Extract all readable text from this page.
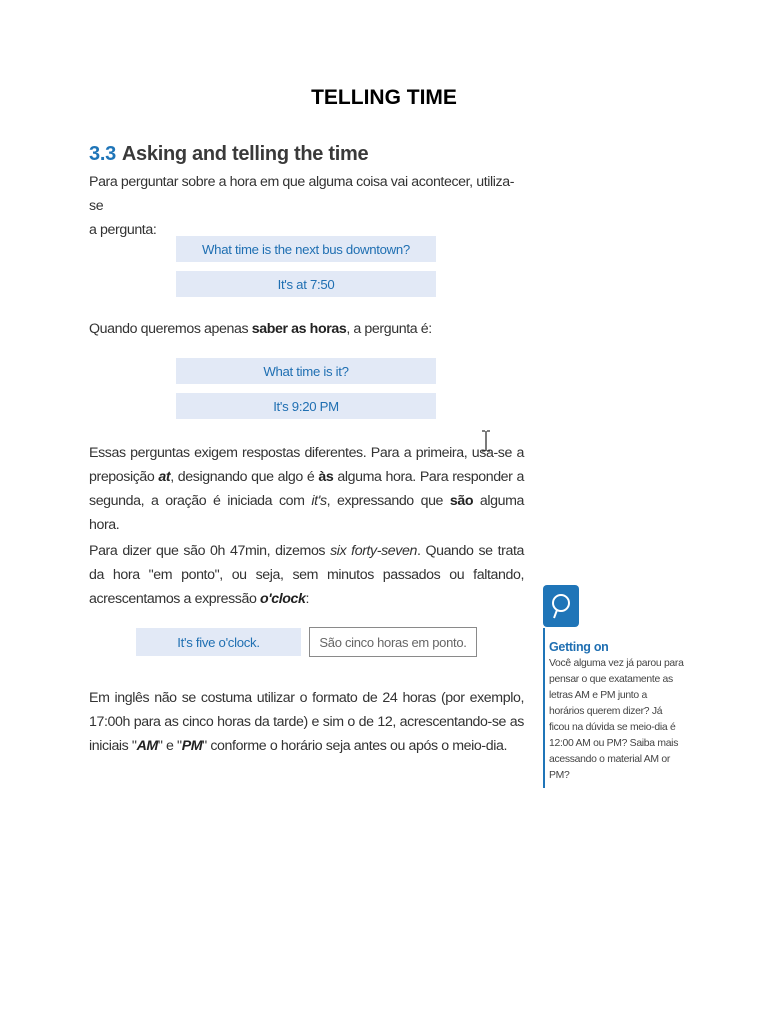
TELLING TIME
3.3 Asking and telling the time
Para perguntar sobre a hora em que alguma coisa vai acontecer, utiliza-se
a pergunta:
What time is the next bus downtown?
It's at 7:50
Quando queremos apenas saber as horas, a pergunta é:
What time is it?
It's 9:20 PM
Essas perguntas exigem respostas diferentes. Para a primeira, usa-se a preposição at, designando que algo é às alguma hora. Para responder a segunda, a oração é iniciada com it's, expressando que são alguma hora.
Para dizer que são 0h 47min, dizemos six forty-seven. Quando se trata da hora "em ponto", ou seja, sem minutos passados ou faltando, acrescentamos a expressão o'clock:
It's five o'clock.	São cinco horas em ponto.
Em inglês não se costuma utilizar o formato de 24 horas (por exemplo, 17:00h para as cinco horas da tarde) e sim o de 12, acrescentando-se as iniciais "AM" e "PM" conforme o horário seja antes ou após o meio-dia.
Getting on
Você alguma vez já parou para pensar o que exatamente as letras AM e PM junto a horários querem dizer? Já ficou na dúvida se meio-dia é 12:00 AM ou PM? Saiba mais acessando o material AM or PM?
